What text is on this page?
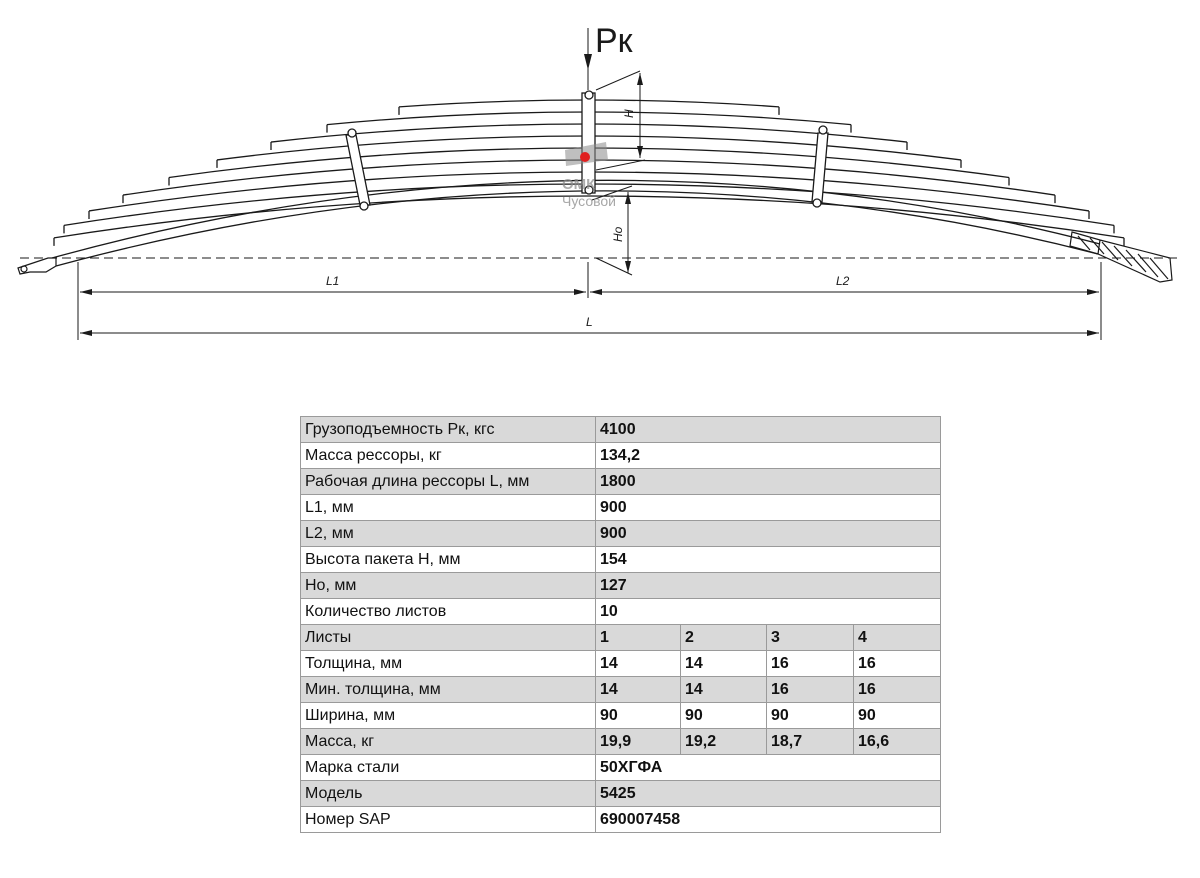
Рк
H
Но
L1	L2
L
ОМК
Чусовой
Грузоподъемность Рк, кгс	4100			
Масса рессоры, кг	134,2			
Рабочая длина рессоры L, мм	1800			
L1, мм	900			
L2, мм	900			
Высота пакета H, мм	154			
Но, мм	127			
Количество листов	10			
Листы	1	2	3	4
Толщина, мм	14	14	16	16
Мин. толщина, мм	14	14	16	16
Ширина, мм	90	90	90	90
Масса, кг	19,9	19,2	18,7	16,6
Марка стали	50ХГФА			
Модель	5425			
Номер SAP	690007458			
